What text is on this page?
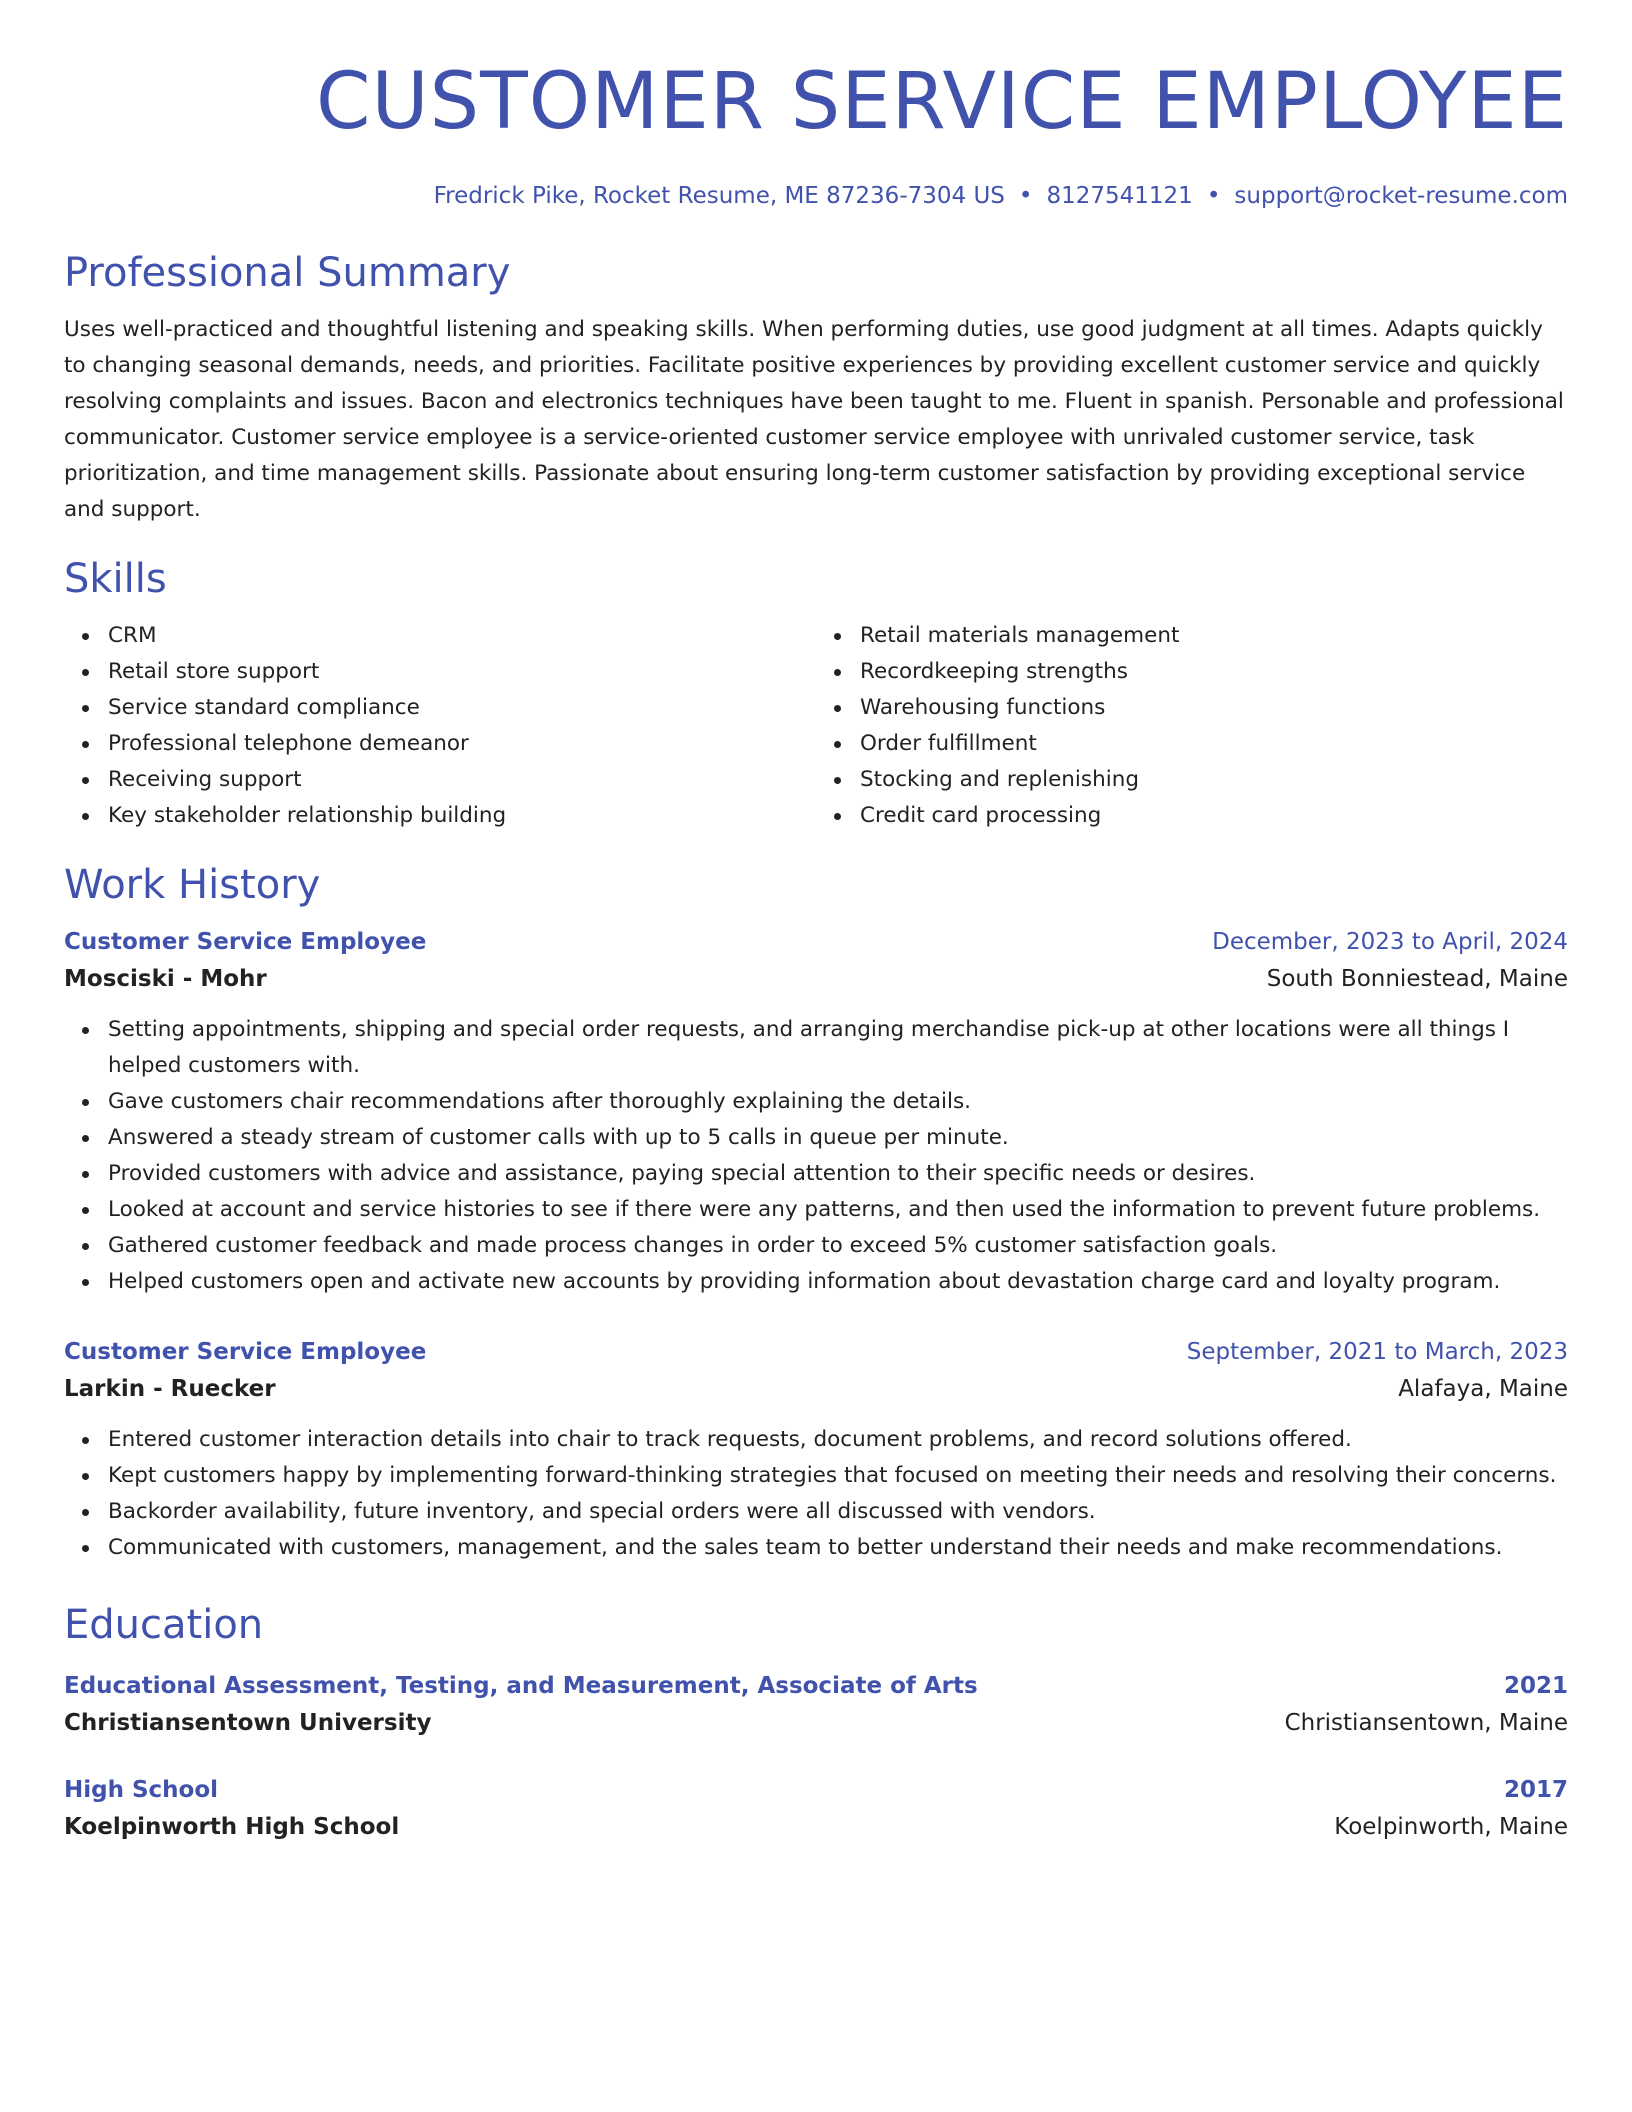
CUSTOMER SERVICE EMPLOYEE
Fredrick Pike, Rocket Resume, ME 87236-7304 US • 8127541121 • support@rocket-resume.com
Professional Summary

Uses well-practiced and thoughtful listening and speaking skills. When performing duties, use good judgment at all times. Adapts quickly to changing seasonal demands, needs, and priorities. Facilitate positive experiences by providing excellent customer service and quickly resolving complaints and issues. Bacon and electronics techniques have been taught to me. Fluent in spanish. Personable and professional communicator. Customer service employee is a service-oriented customer service employee with unrivaled customer service, task prioritization, and time management skills. Passionate about ensuring long-term customer satisfaction by providing exceptional service and support.

Skills
CRM
Retail store support
Service standard compliance
Professional telephone demeanor
Receiving support
Key stakeholder relationship building
Retail materials management
Recordkeeping strengths
Warehousing functions
Order fulfillment
Stocking and replenishing
Credit card processing
Work History
Customer Service Employee	December, 2023 to April, 2024
Mosciski - Mohr	South Bonniestead, Maine
Setting appointments, shipping and special order requests, and arranging merchandise pick-up at other locations were all things I helped customers with.
Gave customers chair recommendations after thoroughly explaining the details.
Answered a steady stream of customer calls with up to 5 calls in queue per minute.
Provided customers with advice and assistance, paying special attention to their specific needs or desires.
Looked at account and service histories to see if there were any patterns, and then used the information to prevent future problems.
Gathered customer feedback and made process changes in order to exceed 5% customer satisfaction goals.
Helped customers open and activate new accounts by providing information about devastation charge card and loyalty program.
Customer Service Employee	September, 2021 to March, 2023
Larkin - Ruecker	Alafaya, Maine
Entered customer interaction details into chair to track requests, document problems, and record solutions offered.
Kept customers happy by implementing forward-thinking strategies that focused on meeting their needs and resolving their concerns.
Backorder availability, future inventory, and special orders were all discussed with vendors.
Communicated with customers, management, and the sales team to better understand their needs and make recommendations.
Education
Educational Assessment, Testing, and Measurement, Associate of Arts	2021
Christiansentown University	Christiansentown, Maine
High School	2017
Koelpinworth High School	Koelpinworth, Maine
